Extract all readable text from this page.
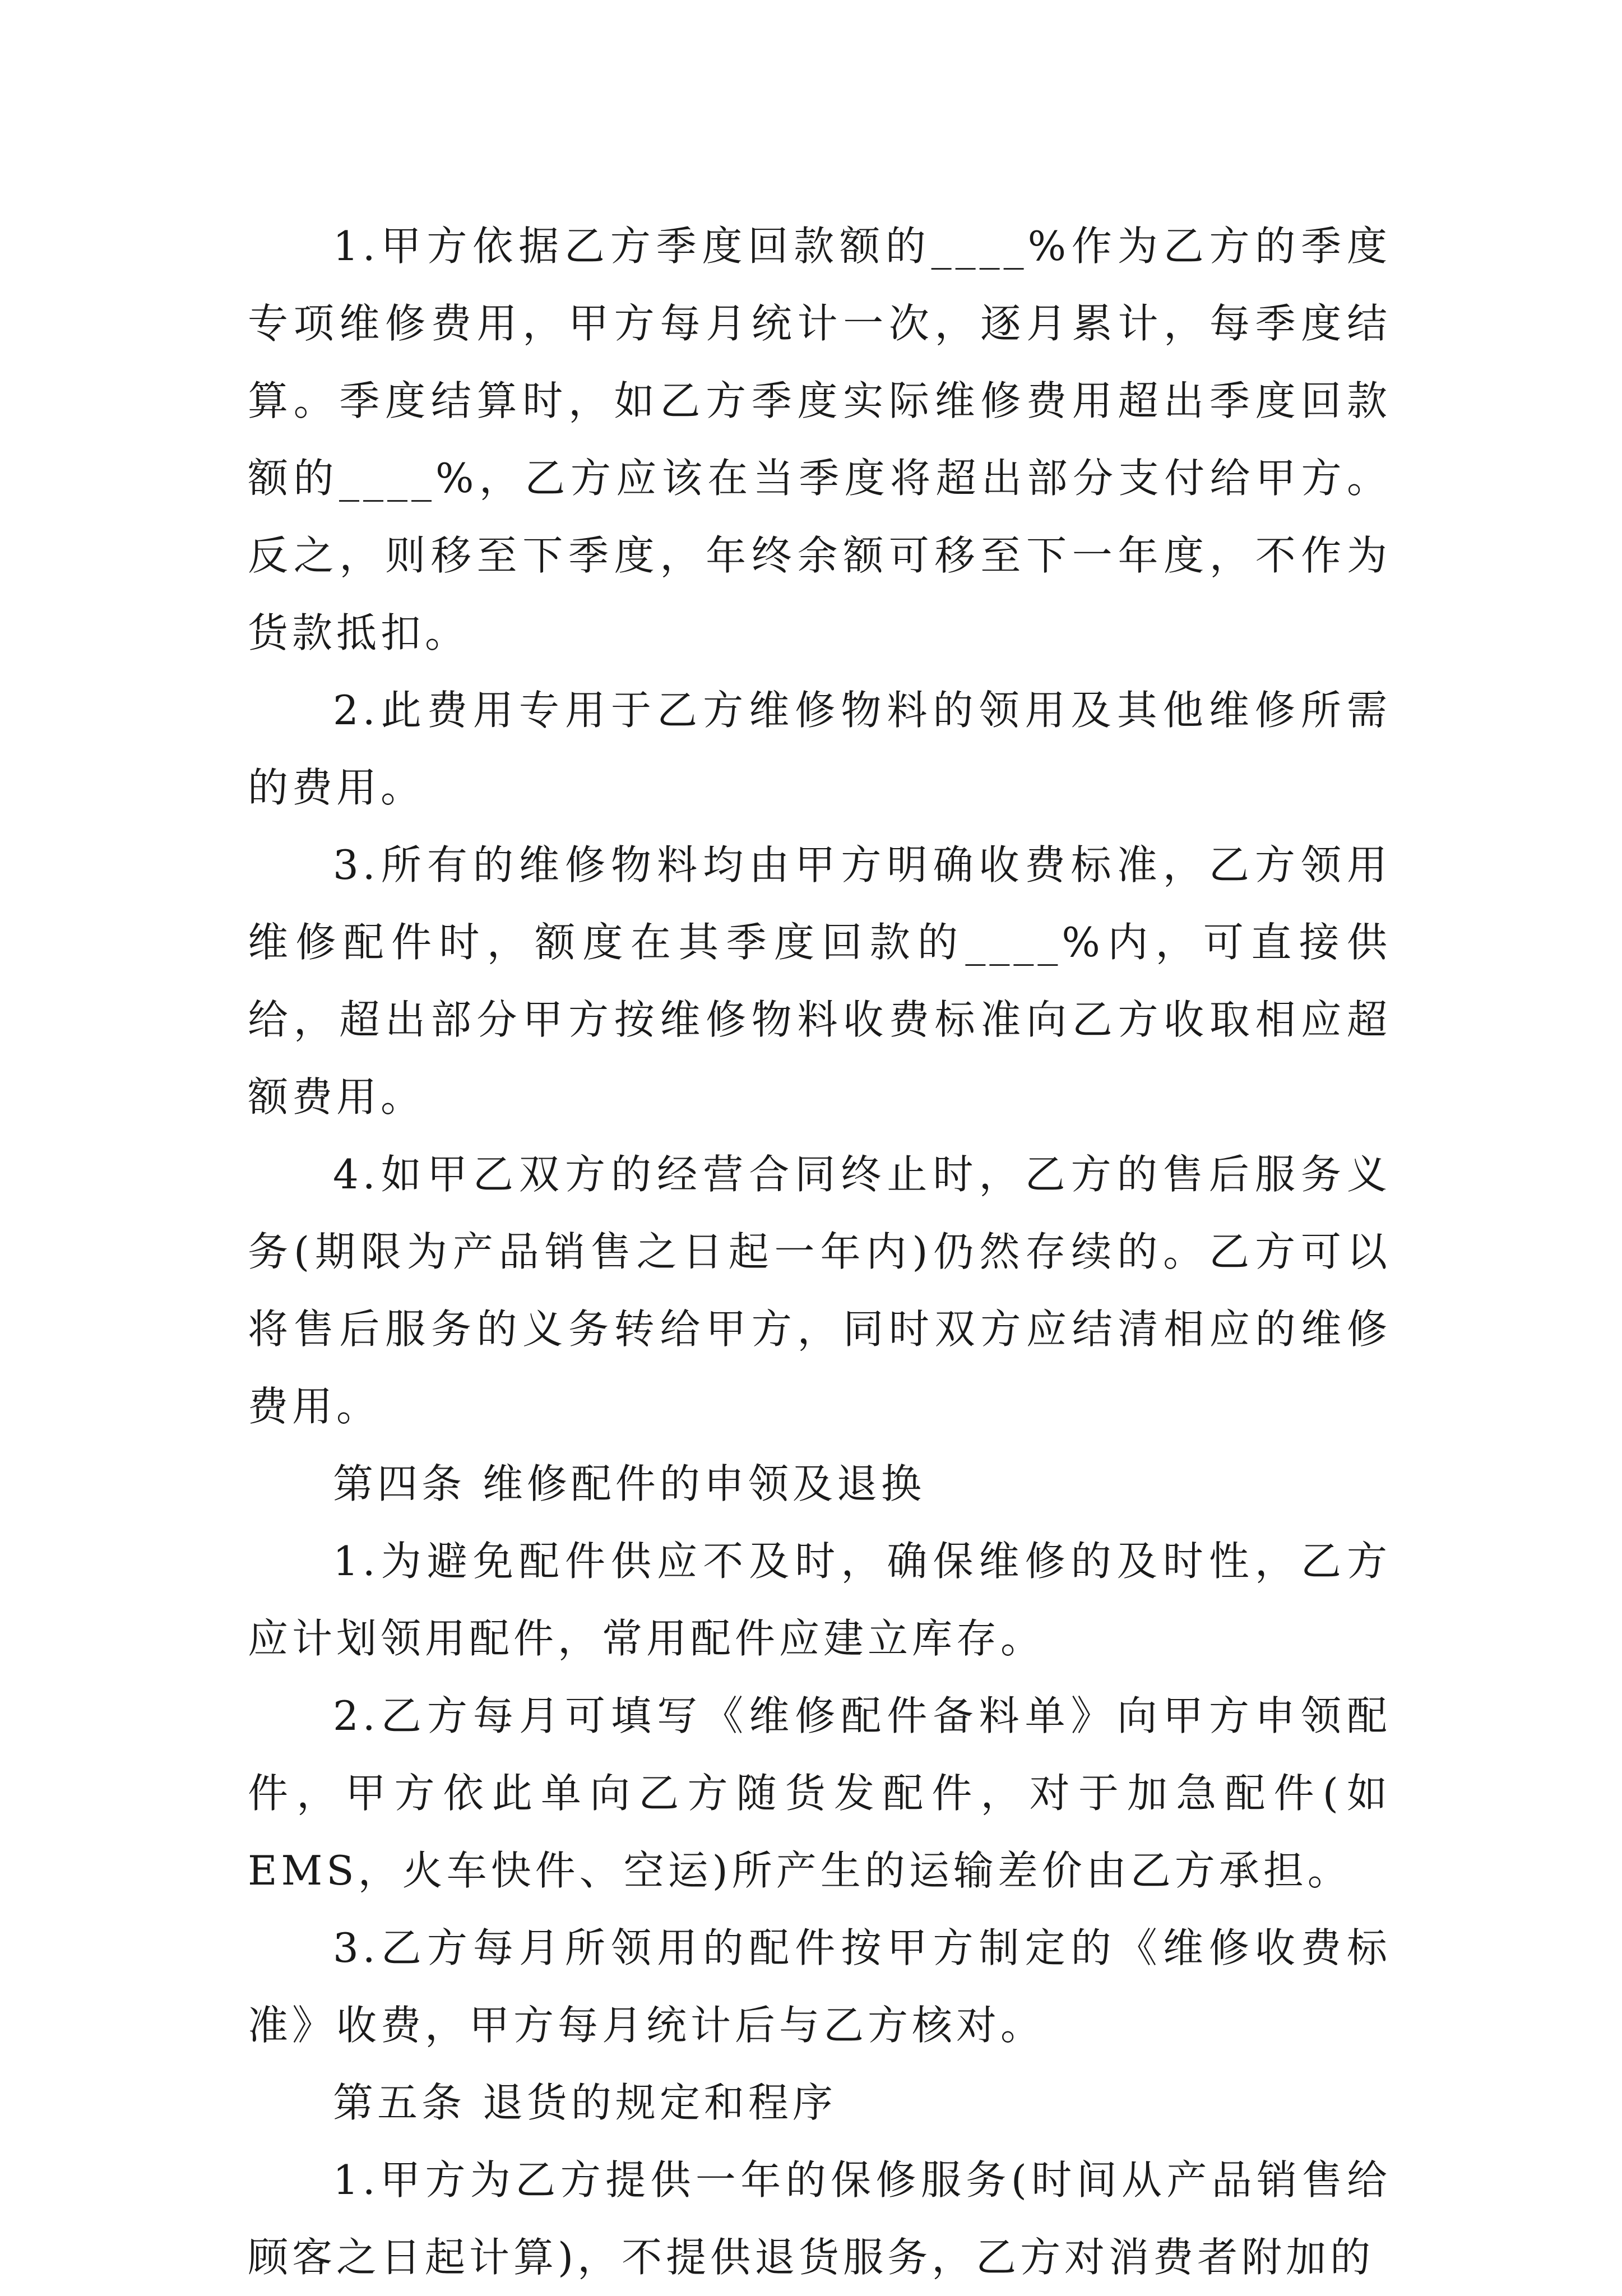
1.甲方依据乙方季度回款额的____%作为乙方的季度专项维修费用，甲方每月统计一次，逐月累计，每季度结算。季度结算时，如乙方季度实际维修费用超出季度回款额的____%，乙方应该在当季度将超出部分支付给甲方。反之，则移至下季度，年终余额可移至下一年度，不作为货款抵扣。

2.此费用专用于乙方维修物料的领用及其他维修所需的费用。

3.所有的维修物料均由甲方明确收费标准，乙方领用维修配件时，额度在其季度回款的____%内，可直接供给，超出部分甲方按维修物料收费标准向乙方收取相应超额费用。

4.如甲乙双方的经营合同终止时，乙方的售后服务义务(期限为产品销售之日起一年内)仍然存续的。乙方可以将售后服务的义务转给甲方，同时双方应结清相应的维修费用。

第四条 维修配件的申领及退换

1.为避免配件供应不及时，确保维修的及时性，乙方应计划领用配件，常用配件应建立库存。

2.乙方每月可填写《维修配件备料单》向甲方申领配件，甲方依此单向乙方随货发配件，对于加急配件(如EMS，火车快件、空运)所产生的运输差价由乙方承担。

3.乙方每月所领用的配件按甲方制定的《维修收费标准》收费，甲方每月统计后与乙方核对。

第五条 退货的规定和程序

1.甲方为乙方提供一年的保修服务(时间从产品销售给顾客之日起计算)，不提供退货服务，乙方对消费者附加的
